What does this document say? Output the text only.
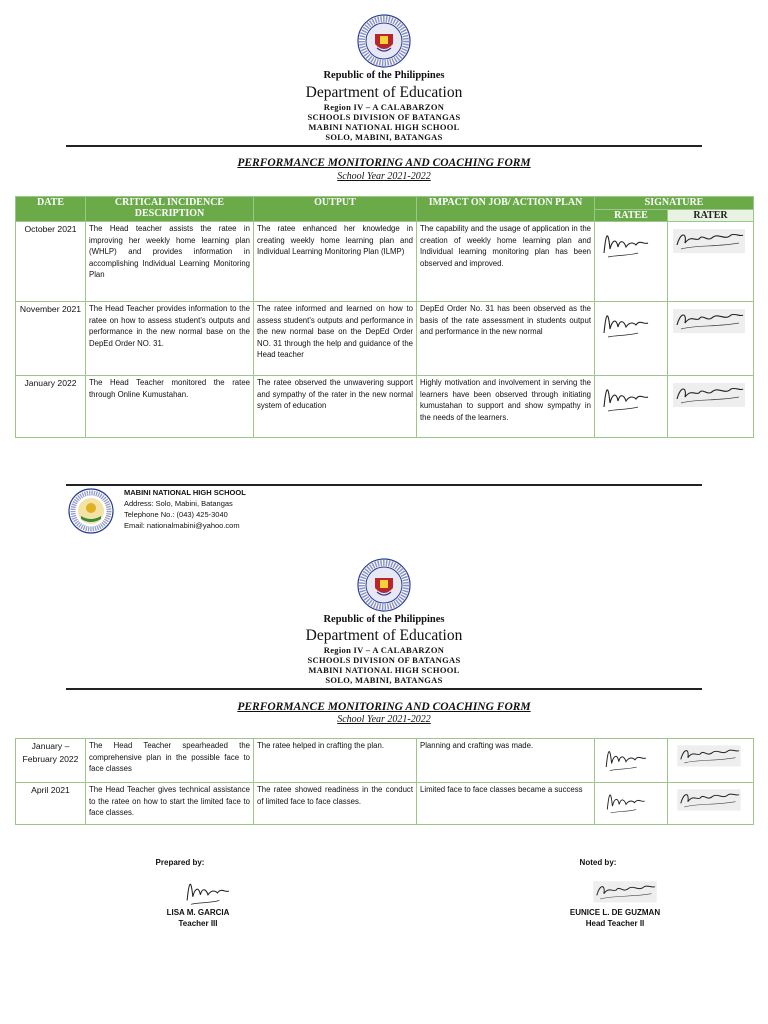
Republic of the Philippines
Department of Education
Region IV – A CALABARZON
SCHOOLS DIVISION OF BATANGAS
MABINI NATIONAL HIGH SCHOOL
SOLO, MABINI, BATANGAS
PERFORMANCE MONITORING AND COACHING FORM
School Year 2021-2022
DATE	CRITICAL INCIDENCE DESCRIPTION	OUTPUT	IMPACT ON JOB/ ACTION PLAN	SIGNATURE	
				RATEE	RATER
October 2021	The Head teacher assists the ratee in improving her weekly home learning plan (WHLP) and provides information in accomplishing Individual Learning Monitoring Plan	The ratee enhanced her knowledge in creating weekly home learning plan and Individual Learning Monitoring Plan (ILMP)	The capability and the usage of application in the creation of weekly home learning plan and Individual learning monitoring plan has been observed and improved.		
November 2021	The Head Teacher provides information to the ratee on how to assess student’s outputs and performance in the new normal base on the DepEd Order NO. 31.	The ratee informed and learned on how to assess student’s outputs and performance in the new normal base on the DepEd Order NO. 31 through the help and guidance of the Head teacher	DepEd Order No. 31 has been observed as the basis of the rate assessment in students output and performance in the new normal		
January 2022	The Head Teacher monitored the ratee through Online Kumustahan.	The ratee observed the unwavering support and sympathy of the rater in the new normal system of education	Highly motivation and involvement in serving the learners have been observed through initiating kumustahan to support and show sympathy in the needs of the learners.		
MABINI NATIONAL HIGH SCHOOL
Address: Solo, Mabini, Batangas
Telephone No.: (043) 425-3040
Email: nationalmabini@yahoo.com
Republic of the Philippines
Department of Education
Region IV – A CALABARZON
SCHOOLS DIVISION OF BATANGAS
MABINI NATIONAL HIGH SCHOOL
SOLO, MABINI, BATANGAS
PERFORMANCE MONITORING AND COACHING FORM
School Year 2021-2022
January – February 2022	The Head Teacher spearheaded the comprehensive plan in the possible face to face classes	The ratee helped in crafting the plan.	Planning and crafting was made.		
April 2021	The Head Teacher gives technical assistance to the ratee on how to start the limited face to face classes.	The ratee showed readiness in the conduct of limited face to face classes.	Limited face to face classes became a success		
Prepared by:
LISA M. GARCIA
Teacher III
Noted by:
EUNICE L. DE GUZMAN
Head Teacher II
